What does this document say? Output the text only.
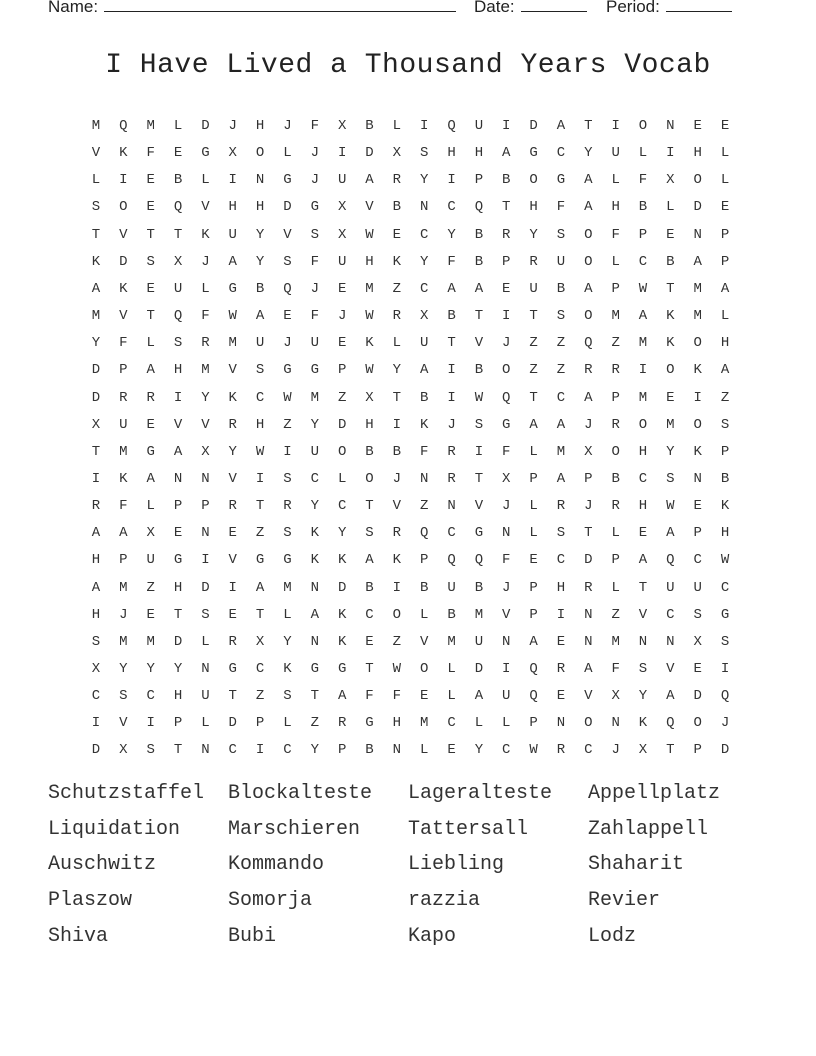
Name:	Date:	Period:
I Have Lived a Thousand Years Vocab
M	Q	M	L	D	J	H	J	F	X	B	L	I	Q	U	I	D	A	T	I	O	N	E	E
V	K	F	E	G	X	O	L	J	I	D	X	S	H	H	A	G	C	Y	U	L	I	H	L
L	I	E	B	L	I	N	G	J	U	A	R	Y	I	P	B	O	G	A	L	F	X	O	L
S	O	E	Q	V	H	H	D	G	X	V	B	N	C	Q	T	H	F	A	H	B	L	D	E
T	V	T	T	K	U	Y	V	S	X	W	E	C	Y	B	R	Y	S	O	F	P	E	N	P
K	D	S	X	J	A	Y	S	F	U	H	K	Y	F	B	P	R	U	O	L	C	B	A	P
A	K	E	U	L	G	B	Q	J	E	M	Z	C	A	A	E	U	B	A	P	W	T	M	A
M	V	T	Q	F	W	A	E	F	J	W	R	X	B	T	I	T	S	O	M	A	K	M	L
Y	F	L	S	R	M	U	J	U	E	K	L	U	T	V	J	Z	Z	Q	Z	M	K	O	H
D	P	A	H	M	V	S	G	G	P	W	Y	A	I	B	O	Z	Z	R	R	I	O	K	A
D	R	R	I	Y	K	C	W	M	Z	X	T	B	I	W	Q	T	C	A	P	M	E	I	Z
X	U	E	V	V	R	H	Z	Y	D	H	I	K	J	S	G	A	A	J	R	O	M	O	S
T	M	G	A	X	Y	W	I	U	O	B	B	F	R	I	F	L	M	X	O	H	Y	K	P
I	K	A	N	N	V	I	S	C	L	O	J	N	R	T	X	P	A	P	B	C	S	N	B
R	F	L	P	P	R	T	R	Y	C	T	V	Z	N	V	J	L	R	J	R	H	W	E	K
A	A	X	E	N	E	Z	S	K	Y	S	R	Q	C	G	N	L	S	T	L	E	A	P	H
H	P	U	G	I	V	G	G	K	K	A	K	P	Q	Q	F	E	C	D	P	A	Q	C	W
A	M	Z	H	D	I	A	M	N	D	B	I	B	U	B	J	P	H	R	L	T	U	U	C
H	J	E	T	S	E	T	L	A	K	C	O	L	B	M	V	P	I	N	Z	V	C	S	G
S	M	M	D	L	R	X	Y	N	K	E	Z	V	M	U	N	A	E	N	M	N	N	X	S
X	Y	Y	Y	N	G	C	K	G	G	T	W	O	L	D	I	Q	R	A	F	S	V	E	I
C	S	C	H	U	T	Z	S	T	A	F	F	E	L	A	U	Q	E	V	X	Y	A	D	Q
I	V	I	P	L	D	P	L	Z	R	G	H	M	C	L	L	P	N	O	N	K	Q	O	J
D	X	S	T	N	C	I	C	Y	P	B	N	L	E	Y	C	W	R	C	J	X	T	P	D
Schutzstaffel Blockalteste Lageralteste Appellplatz
Liquidation Marschieren Tattersall	Zahlappell
Auschwitz	Kommando	Liebling	Shaharit
Plaszow	Somorja	razzia	Revier
Shiva	Bubi	Kapo	Lodz
